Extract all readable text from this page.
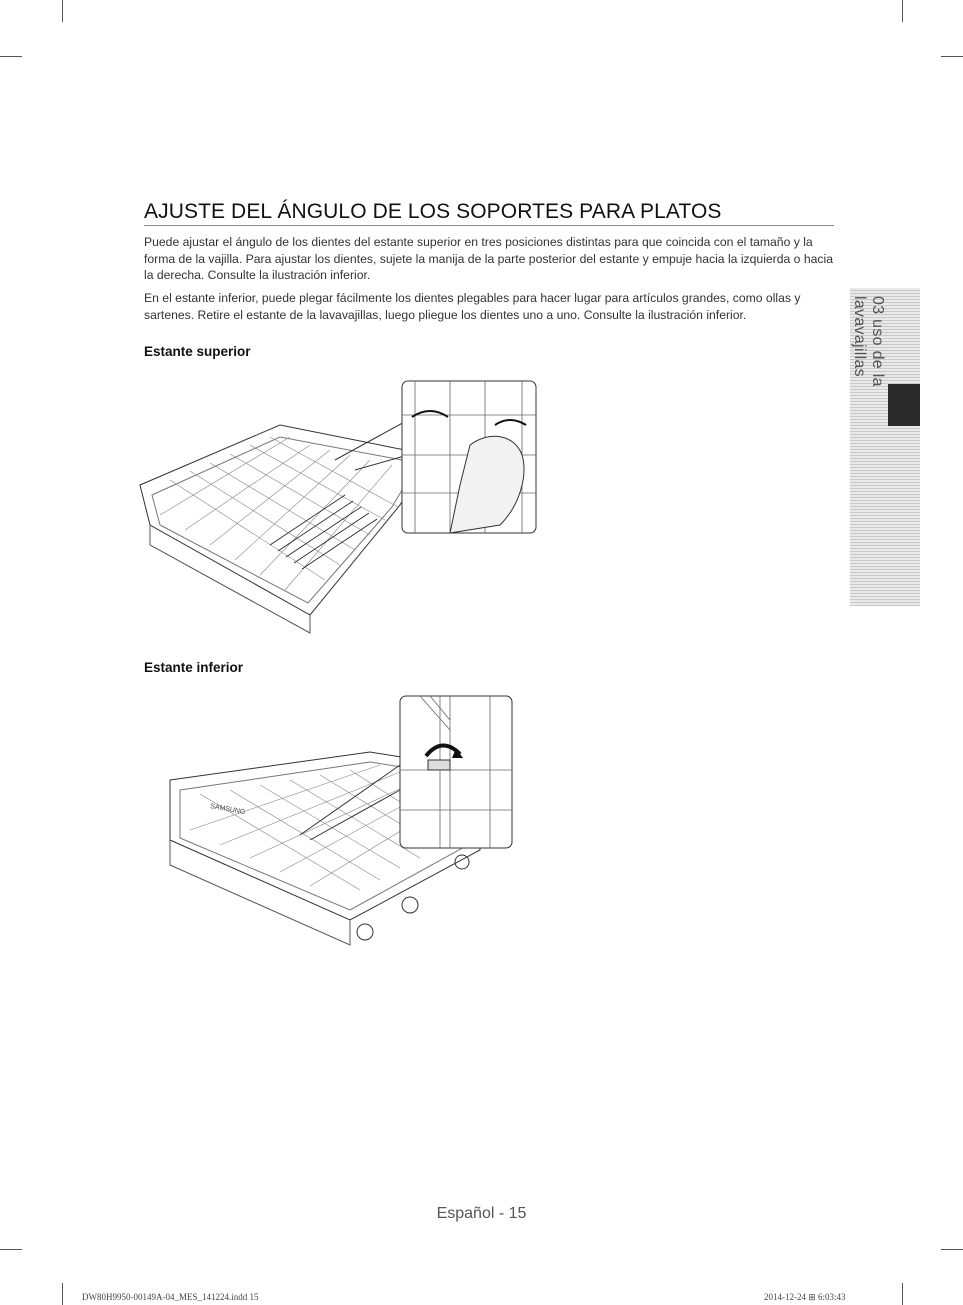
AJUSTE DEL ÁNGULO DE LOS SOPORTES PARA PLATOS
Puede ajustar el ángulo de los dientes del estante superior en tres posiciones distintas para que coincida con el tamaño y la forma de la vajilla. Para ajustar los dientes, sujete la manija de la parte posterior del estante y empuje hacia la izquierda o hacia la derecha. Consulte la ilustración inferior.
En el estante inferior, puede plegar fácilmente los dientes plegables para hacer lugar para artículos grandes, como ollas y sartenes. Retire el estante de la lavavajillas, luego pliegue los dientes uno a uno. Consulte la ilustración inferior.
Estante superior
Estante inferior
SAMSUNG
03 uso de la lavavajillas
Español - 15
DW80H9950-00149A-04_MES_141224.indd 15	2014-12-24 ⊞ 6:03:43
